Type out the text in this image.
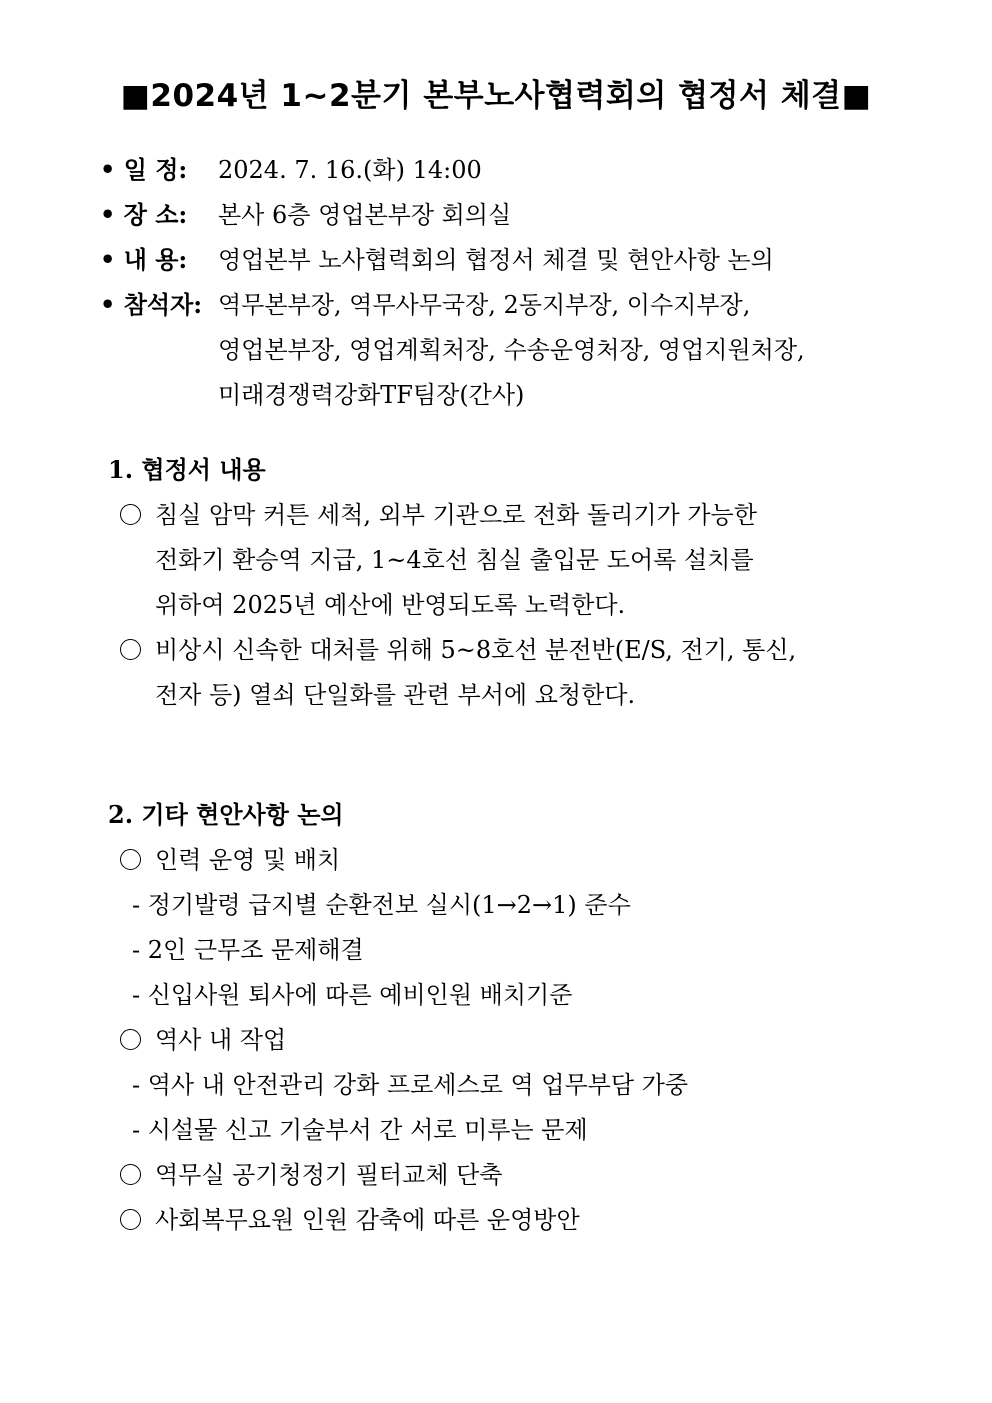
■2024년 1~2분기 본부노사협력회의 협정서 체결■
• 일 정: 2024. 7. 16.(화) 14:00
• 장 소: 본사 6층 영업본부장 회의실
• 내 용: 영업본부 노사협력회의 협정서 체결 및 현안사항 논의
• 참석자: 역무본부장, 역무사무국장, 2동지부장, 이수지부장,
영업본부장, 영업계획처장, 수송운영처장, 영업지원처장,
미래경쟁력강화TF팀장(간사)
1. 협정서 내용
침실 암막 커튼 세척, 외부 기관으로 전화 돌리기가 가능한
전화기 환승역 지급, 1~4호선 침실 출입문 도어록 설치를
위하여 2025년 예산에 반영되도록 노력한다.
비상시 신속한 대처를 위해 5~8호선 분전반(E/S, 전기, 통신,
전자 등) 열쇠 단일화를 관련 부서에 요청한다.
2. 기타 현안사항 논의
인력 운영 및 배치
- 정기발령 급지별 순환전보 실시(1→2→1) 준수
- 2인 근무조 문제해결
- 신입사원 퇴사에 따른 예비인원 배치기준
역사 내 작업
- 역사 내 안전관리 강화 프로세스로 역 업무부담 가중
- 시설물 신고 기술부서 간 서로 미루는 문제
역무실 공기청정기 필터교체 단축
사회복무요원 인원 감축에 따른 운영방안
